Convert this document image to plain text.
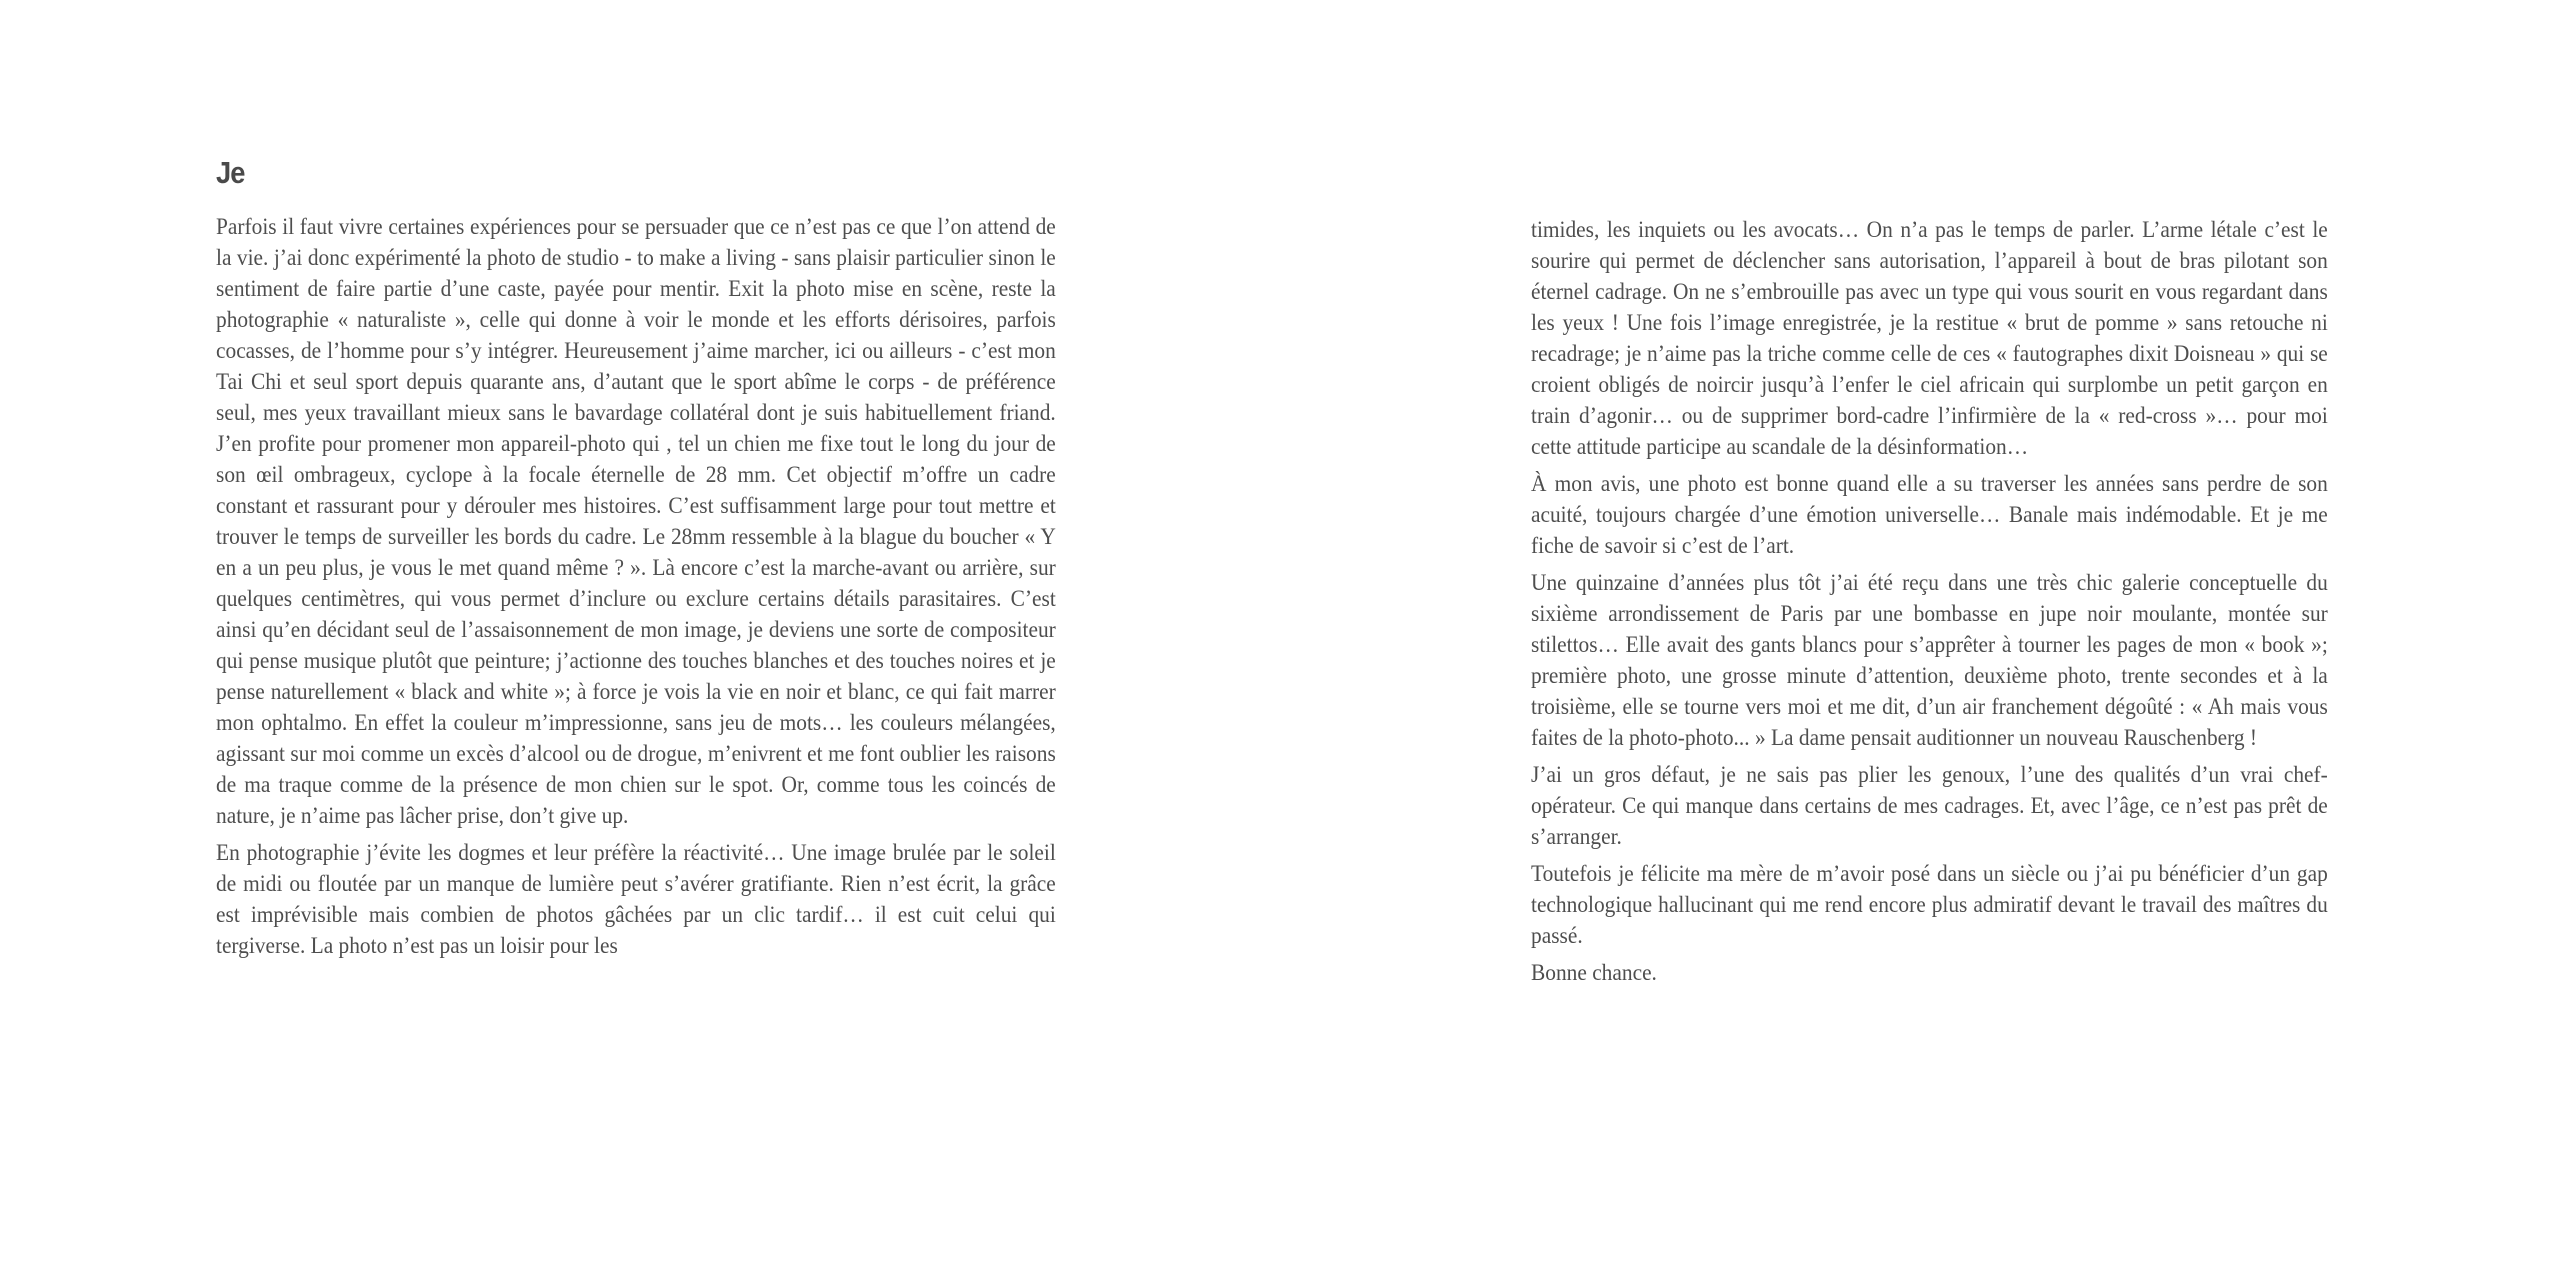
Je

Parfois il faut vivre certaines expériences pour se persuader que ce n’est pas ce que l’on attend de la vie. j’ai donc expérimenté la photo de studio - to make a living - sans plaisir particulier sinon le sentiment de faire partie d’une caste, payée pour mentir. Exit la photo mise en scène, reste la photographie « naturaliste », celle qui donne à voir le monde et les efforts dérisoires, parfois cocasses, de l’homme pour s’y intégrer. Heureusement j’aime marcher, ici ou ailleurs - c’est mon Tai Chi et seul sport depuis quarante ans, d’autant que le sport abîme le corps - de préférence seul, mes yeux travaillant mieux sans le bavardage collatéral dont je suis habituellement friand. J’en profite pour promener mon appareil-photo qui , tel un chien me fixe tout le long du jour de son œil ombrageux, cyclope à la focale éternelle de 28 mm. Cet objectif m’offre un cadre constant et rassurant pour y dérouler mes histoires. C’est suffisamment large pour tout mettre et trouver le temps de surveiller les bords du cadre. Le 28mm ressemble à la blague du boucher « Y en a un peu plus, je vous le met quand même ? ». Là encore c’est la marche-avant ou arrière, sur quelques centimètres, qui vous permet d’inclure ou exclure certains détails parasitaires. C’est ainsi qu’en décidant seul de l’assaisonnement de mon image, je deviens une sorte de compositeur qui pense musique plutôt que peinture; j’actionne des touches blanches et des touches noires et je pense naturellement « black and white »; à force je vois la vie en noir et blanc, ce qui fait marrer mon ophtalmo. En effet la couleur m’impressionne, sans jeu de mots… les couleurs mélangées, agissant sur moi comme un excès d’alcool ou de drogue, m’enivrent et me font oublier les raisons de ma traque comme de la présence de mon chien sur le spot. Or, comme tous les coincés de nature, je n’aime pas lâcher prise, don’t give up.

En photographie j’évite les dogmes et leur préfère la réactivité… Une image brulée par le soleil de midi ou floutée par un manque de lumière peut s’avérer gratifiante. Rien n’est écrit, la grâce est imprévisible mais combien de photos gâchées par un clic tardif… il est cuit celui qui tergiverse. La photo n’est pas un loisir pour les

timides, les inquiets ou les avocats… On n’a pas le temps de parler. L’arme létale c’est le sourire qui permet de déclencher sans autorisation, l’appareil à bout de bras pilotant son éternel cadrage. On ne s’embrouille pas avec un type qui vous sourit en vous regardant dans les yeux ! Une fois l’image enregistrée, je la restitue « brut de pomme » sans retouche ni recadrage; je n’aime pas la triche comme celle de ces « fautographes dixit Doisneau » qui se croient obligés de noircir jusqu’à l’enfer le ciel africain qui surplombe un petit garçon en train d’agonir… ou de supprimer bord-cadre l’infirmière de la « red-cross »… pour moi cette attitude participe au scandale de la désinformation…

À mon avis, une photo est bonne quand elle a su traverser les années sans perdre de son acuité, toujours chargée d’une émotion universelle… Banale mais indémodable. Et je me fiche de savoir si c’est de l’art.

Une quinzaine d’années plus tôt j’ai été reçu dans une très chic galerie conceptuelle du sixième arrondissement de Paris par une bombasse en jupe noir moulante, montée sur stilettos… Elle avait des gants blancs pour s’apprêter à tourner les pages de mon « book »; première photo, une grosse minute d’attention, deuxième photo, trente secondes et à la troisième, elle se tourne vers moi et me dit, d’un air franchement dégoûté : « Ah mais vous faites de la photo-photo... » La dame pensait auditionner un nouveau Rauschenberg !

J’ai un gros défaut, je ne sais pas plier les genoux, l’une des qualités d’un vrai chef-opérateur. Ce qui manque dans certains de mes cadrages. Et, avec l’âge, ce n’est pas prêt de s’arranger.

Toutefois je félicite ma mère de m’avoir posé dans un siècle ou j’ai pu bénéficier d’un gap technologique hallucinant qui me rend encore plus admiratif devant le travail des maîtres du passé.

Bonne chance.
